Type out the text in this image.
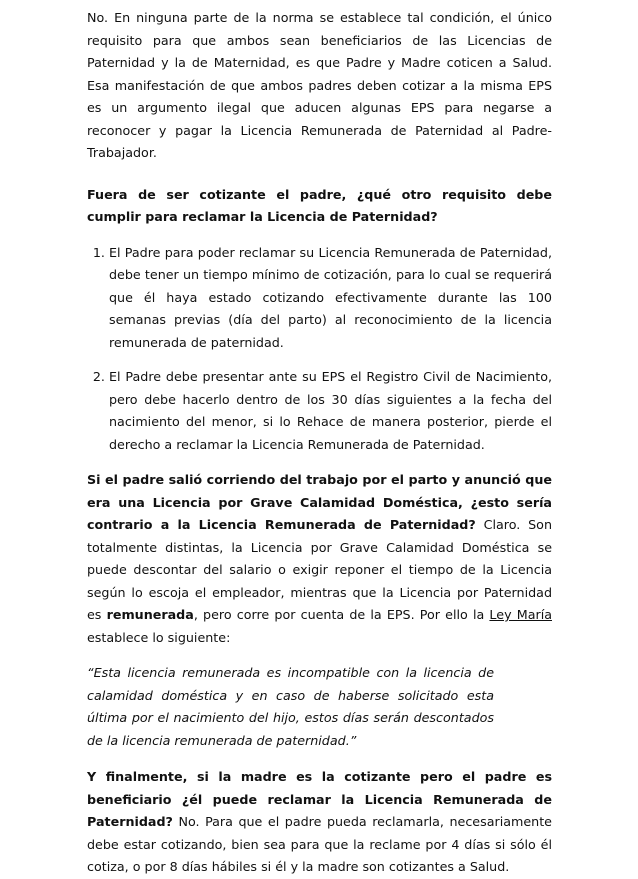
No. En ninguna parte de la norma se establece tal condición, el único requisito para que ambos sean beneficiarios de las Licencias de Paternidad y la de Maternidad, es que Padre y Madre coticen a Salud. Esa manifestación de que ambos padres deben cotizar a la misma EPS es un argumento ilegal que aducen algunas EPS para negarse a reconocer y pagar la Licencia Remunerada de Paternidad al Padre-Trabajador.

Fuera de ser cotizante el padre, ¿qué otro requisito debe cumplir para reclamar la Licencia de Paternidad?

1. El Padre para poder reclamar su Licencia Remunerada de Paternidad, debe tener un tiempo mínimo de cotización, para lo cual se requerirá que él haya estado cotizando efectivamente durante las 100 semanas previas (día del parto) al reconocimiento de la licencia remunerada de paternidad.
2. El Padre debe presentar ante su EPS el Registro Civil de Nacimiento, pero debe hacerlo dentro de los 30 días siguientes a la fecha del nacimiento del menor, si lo Rehace de manera posterior, pierde el derecho a reclamar la Licencia Remunerada de Paternidad.

Si el padre salió corriendo del trabajo por el parto y anunció que era una Licencia por Grave Calamidad Doméstica, ¿esto sería contrario a la Licencia Remunerada de Paternidad? Claro. Son totalmente distintas, la Licencia por Grave Calamidad Doméstica se puede descontar del salario o exigir reponer el tiempo de la Licencia según lo escoja el empleador, mientras que la Licencia por Paternidad es remunerada, pero corre por cuenta de la EPS. Por ello la Ley María establece lo siguiente:

“Esta licencia remunerada es incompatible con la licencia de calamidad doméstica y en caso de haberse solicitado esta última por el nacimiento del hijo, estos días serán descontados de la licencia remunerada de paternidad.”

Y finalmente, si la madre es la cotizante pero el padre es beneficiario ¿él puede reclamar la Licencia Remunerada de Paternidad? No. Para que el padre pueda reclamarla, necesariamente debe estar cotizando, bien sea para que la reclame por 4 días si sólo él cotiza, o por 8 días hábiles si él y la madre son cotizantes a Salud.
